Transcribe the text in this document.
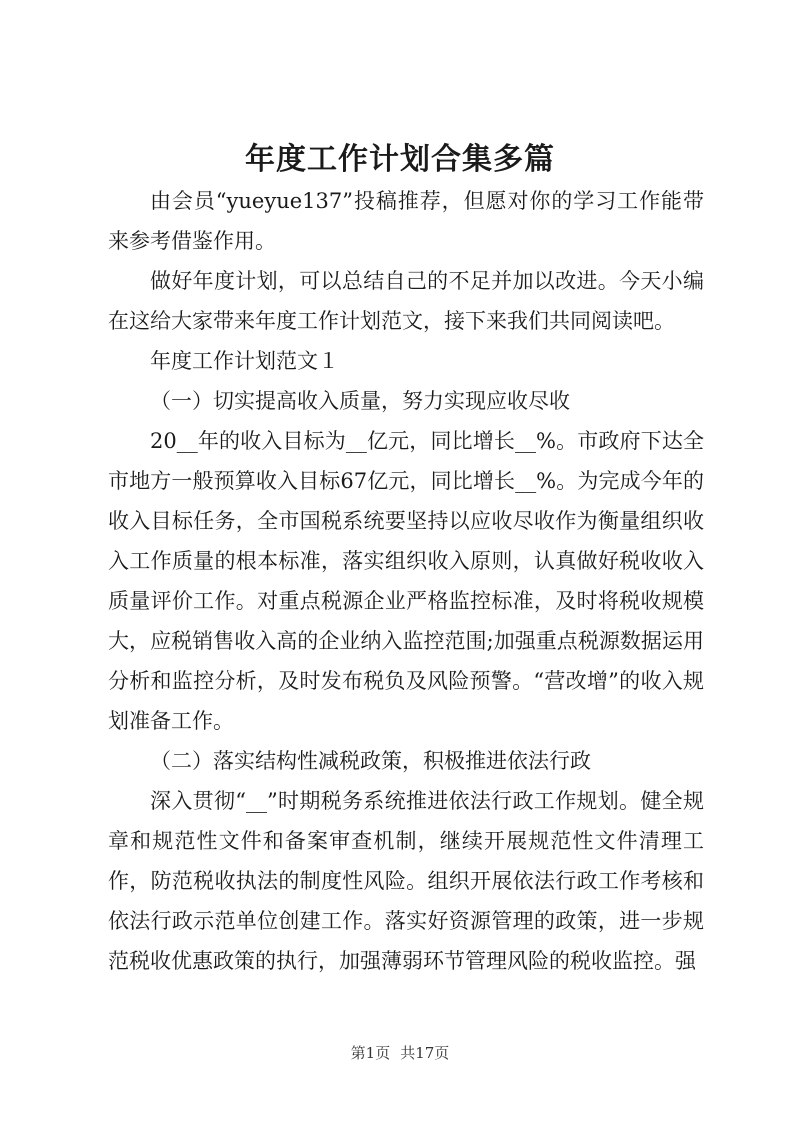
年度工作计划合集多篇

由会员“yueyue137”投稿推荐，但愿对你的学习工作能带来参考借鉴作用。

做好年度计划，可以总结自己的不足并加以改进。今天小编在这给大家带来年度工作计划范文，接下来我们共同阅读吧。

年度工作计划范文１

（一）切实提高收入质量，努力实现应收尽收

20__年的收入目标为__亿元，同比增长__%。市政府下达全市地方一般预算收入目标67亿元，同比增长__%。为完成今年的收入目标任务，全市国税系统要坚持以应收尽收作为衡量组织收入工作质量的根本标准，落实组织收入原则，认真做好税收收入质量评价工作。对重点税源企业严格监控标准，及时将税收规模大，应税销售收入高的企业纳入监控范围;加强重点税源数据运用分析和监控分析，及时发布税负及风险预警。“营改增”的收入规划准备工作。

（二）落实结构性减税政策，积极推进依法行政

深入贯彻“__”时期税务系统推进依法行政工作规划。健全规章和规范性文件和备案审查机制，继续开展规范性文件清理工作，防范税收执法的制度性风险。组织开展依法行政工作考核和依法行政示范单位创建工作。落实好资源管理的政策，进一步规范税收优惠政策的执行，加强薄弱环节管理风险的税收监控。强

第1页 共17页
